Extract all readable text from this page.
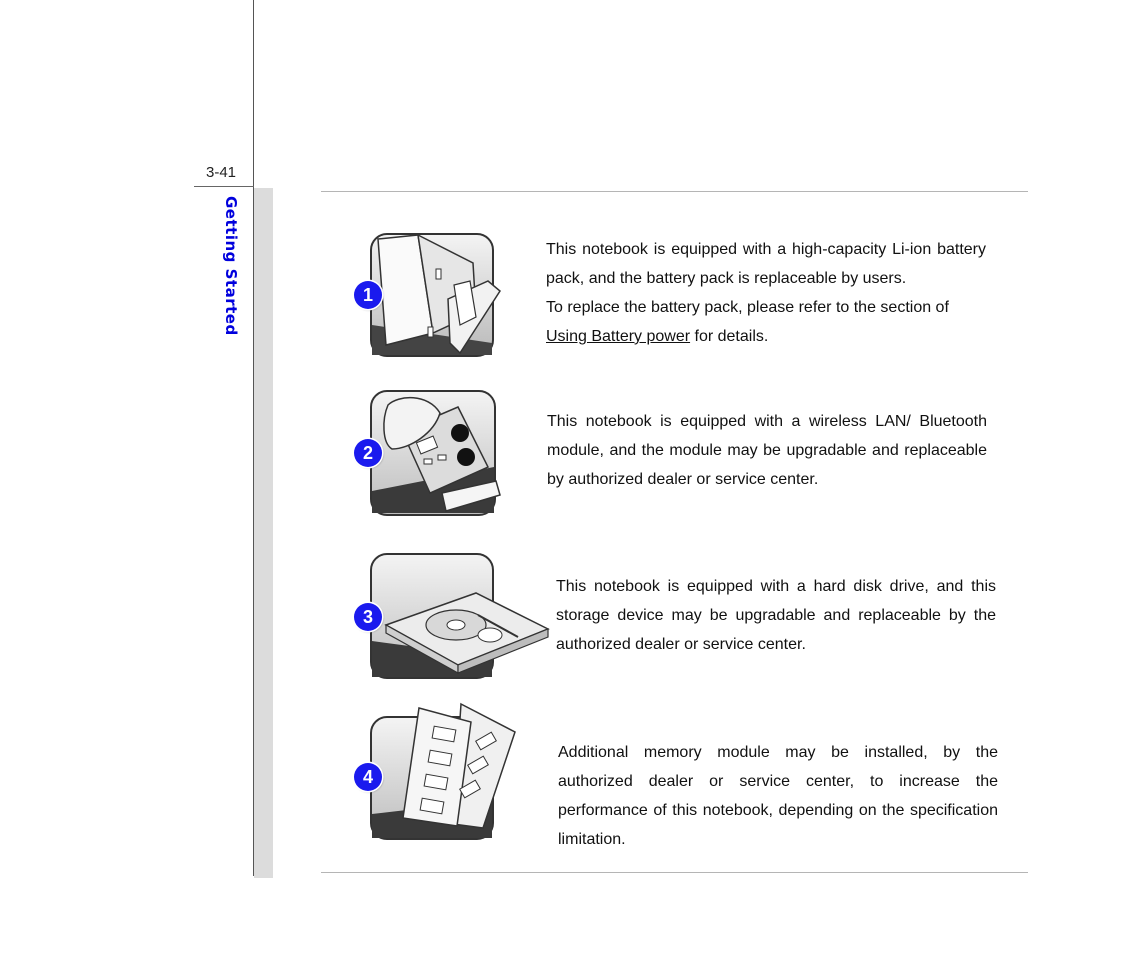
3-41
Getting Started	1

This notebook is equipped with a high-capacity Li-ion battery pack, and the battery pack is replaceable by users.

To replace the battery pack, please refer to the section of

Using Battery power for details.

2
This notebook is equipped with a wireless LAN/ Bluetooth module, and the module may be upgradable and replaceable by authorized dealer or service center.
3
This notebook is equipped with a hard disk drive, and this storage device may be upgradable and replaceable by the authorized dealer or service center.
4
Additional memory module may be installed, by the authorized dealer or service center, to increase the performance of this notebook, depending on the specification limitation.
